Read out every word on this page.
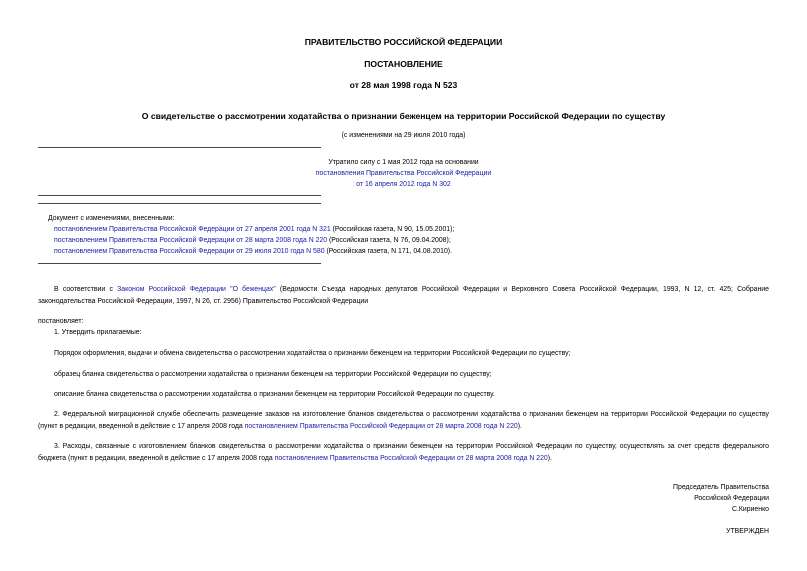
ПРАВИТЕЛЬСТВО РОССИЙСКОЙ ФЕДЕРАЦИИ
ПОСТАНОВЛЕНИЕ
от 28 мая 1998 года N 523
О свидетельстве о рассмотрении ходатайства о признании беженцем на территории Российской Федерации по существу
(с изменениями на 29 июля 2010 года)
Утратило силу с 1 мая 2012 года на основании
постановления Правительства Российской Федерации
от 16 апреля 2012 года N 302
Документ с изменениями, внесенными:
постановлением Правительства Российской Федерации от 27 апреля 2001 года N 321 (Российская газета, N 90, 15.05.2001);
постановлением Правительства Российской Федерации от 28 марта 2008 года N 220 (Российская газета, N 76, 09.04.2008);
постановлением Правительства Российской Федерации от 29 июля 2010 года N 580 (Российская газета, N 171, 04.08.2010).
В соответствии с Законом Российской Федерации "О беженцах" (Ведомости Съезда народных депутатов Российской Федерации и Верховного Совета Российской Федерации, 1993, N 12, ст. 425; Собрание законодательства Российской Федерации, 1997, N 26, ст. 2956) Правительство Российской Федерации
постановляет:
1. Утвердить прилагаемые:
Порядок оформления, выдачи и обмена свидетельства о рассмотрении ходатайства о признании беженцем на территории Российской Федерации по существу;
образец бланка свидетельства о рассмотрении ходатайства о признании беженцем на территории Российской Федерации по существу;
описание бланка свидетельства о рассмотрении ходатайства о признании беженцем на территории Российской Федерации по существу.
2. Федеральной миграционной службе обеспечить размещение заказов на изготовление бланков свидетельства о рассмотрении ходатайства о признании беженцем на территории Российской Федерации по существу (пункт в редакции, введенной в действие с 17 апреля 2008 года постановлением Правительства Российской Федерации от 28 марта 2008 года N 220).
3. Расходы, связанные с изготовлением бланков свидетельства о рассмотрении ходатайства о признании беженцем на территории Российской Федерации по существу, осуществлять за счет средств федерального бюджета (пункт в редакции, введенной в действие с 17 апреля 2008 года постановлением Правительства Российской Федерации от 28 марта 2008 года N 220).
Председатель Правительства
Российской Федерации
С.Кириенко
УТВЕРЖДЕН
